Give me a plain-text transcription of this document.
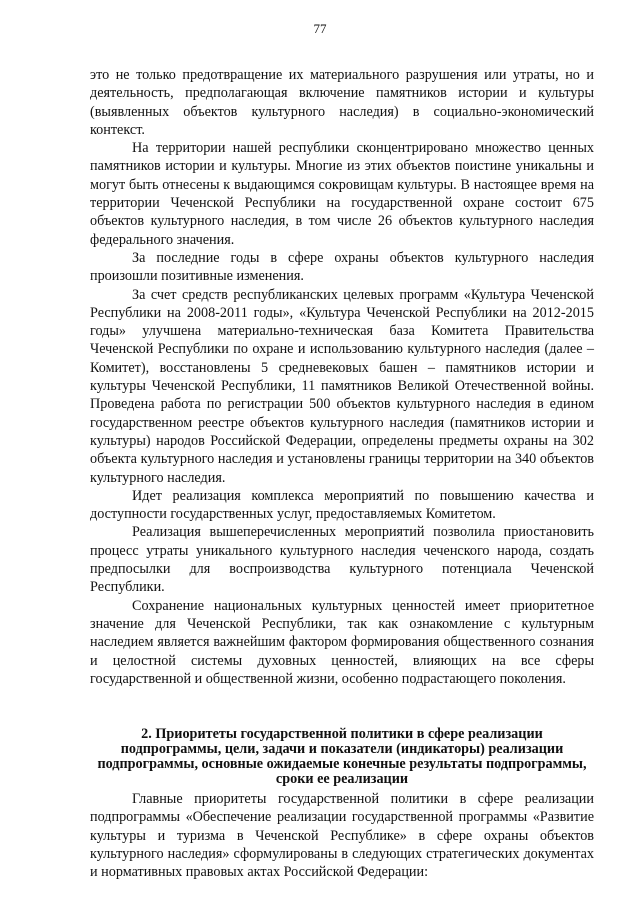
77

это не только предотвращение их материального разрушения или утраты, но и деятельность, предполагающая включение памятников истории и культуры (выявленных объектов культурного наследия) в социально-экономический контекст.

На территории нашей республики сконцентрировано множество ценных памятников истории и культуры. Многие из этих объектов поистине уникальны и могут быть отнесены к выдающимся сокровищам культуры. В настоящее время на территории Чеченской Республики на государственной охране состоит 675 объектов культурного наследия, в том числе 26 объектов культурного наследия федерального значения.

За последние годы в сфере охраны объектов культурного наследия произошли позитивные изменения.

За счет средств республиканских целевых программ «Культура Чеченской Республики на 2008-2011 годы», «Культура Чеченской Республики на 2012-2015 годы» улучшена материально-техническая база Комитета Правительства Чеченской Республики по охране и использованию культурного наследия (далее – Комитет), восстановлены 5 средневековых башен – памятников истории и культуры Чеченской Республики, 11 памятников Великой Отечественной войны. Проведена работа по регистрации 500 объектов культурного наследия в едином государственном реестре объектов культурного наследия (памятников истории и культуры) народов Российской Федерации, определены предметы охраны на 302 объекта культурного наследия и установлены границы территории на 340 объектов культурного наследия.

Идет реализация комплекса мероприятий по повышению качества и доступности государственных услуг, предоставляемых Комитетом.

Реализация вышеперечисленных мероприятий позволила приостановить процесс утраты уникального культурного наследия чеченского народа, создать предпосылки для воспроизводства культурного потенциала Чеченской Республики.

Сохранение национальных культурных ценностей имеет приоритетное значение для Чеченской Республики, так как ознакомление с культурным наследием является важнейшим фактором формирования общественного сознания и целостной системы духовных ценностей, влияющих на все сферы государственной и общественной жизни, особенно подрастающего поколения.

2. Приоритеты государственной политики в сфере реализации подпрограммы, цели, задачи и показатели (индикаторы) реализации подпрограммы, основные ожидаемые конечные результаты подпрограммы, сроки ее реализации

Главные приоритеты государственной политики в сфере реализации подпрограммы «Обеспечение реализации государственной программы «Развитие культуры и туризма в Чеченской Республике» в сфере охраны объектов культурного наследия» сформулированы в следующих стратегических документах и нормативных правовых актах Российской Федерации:
